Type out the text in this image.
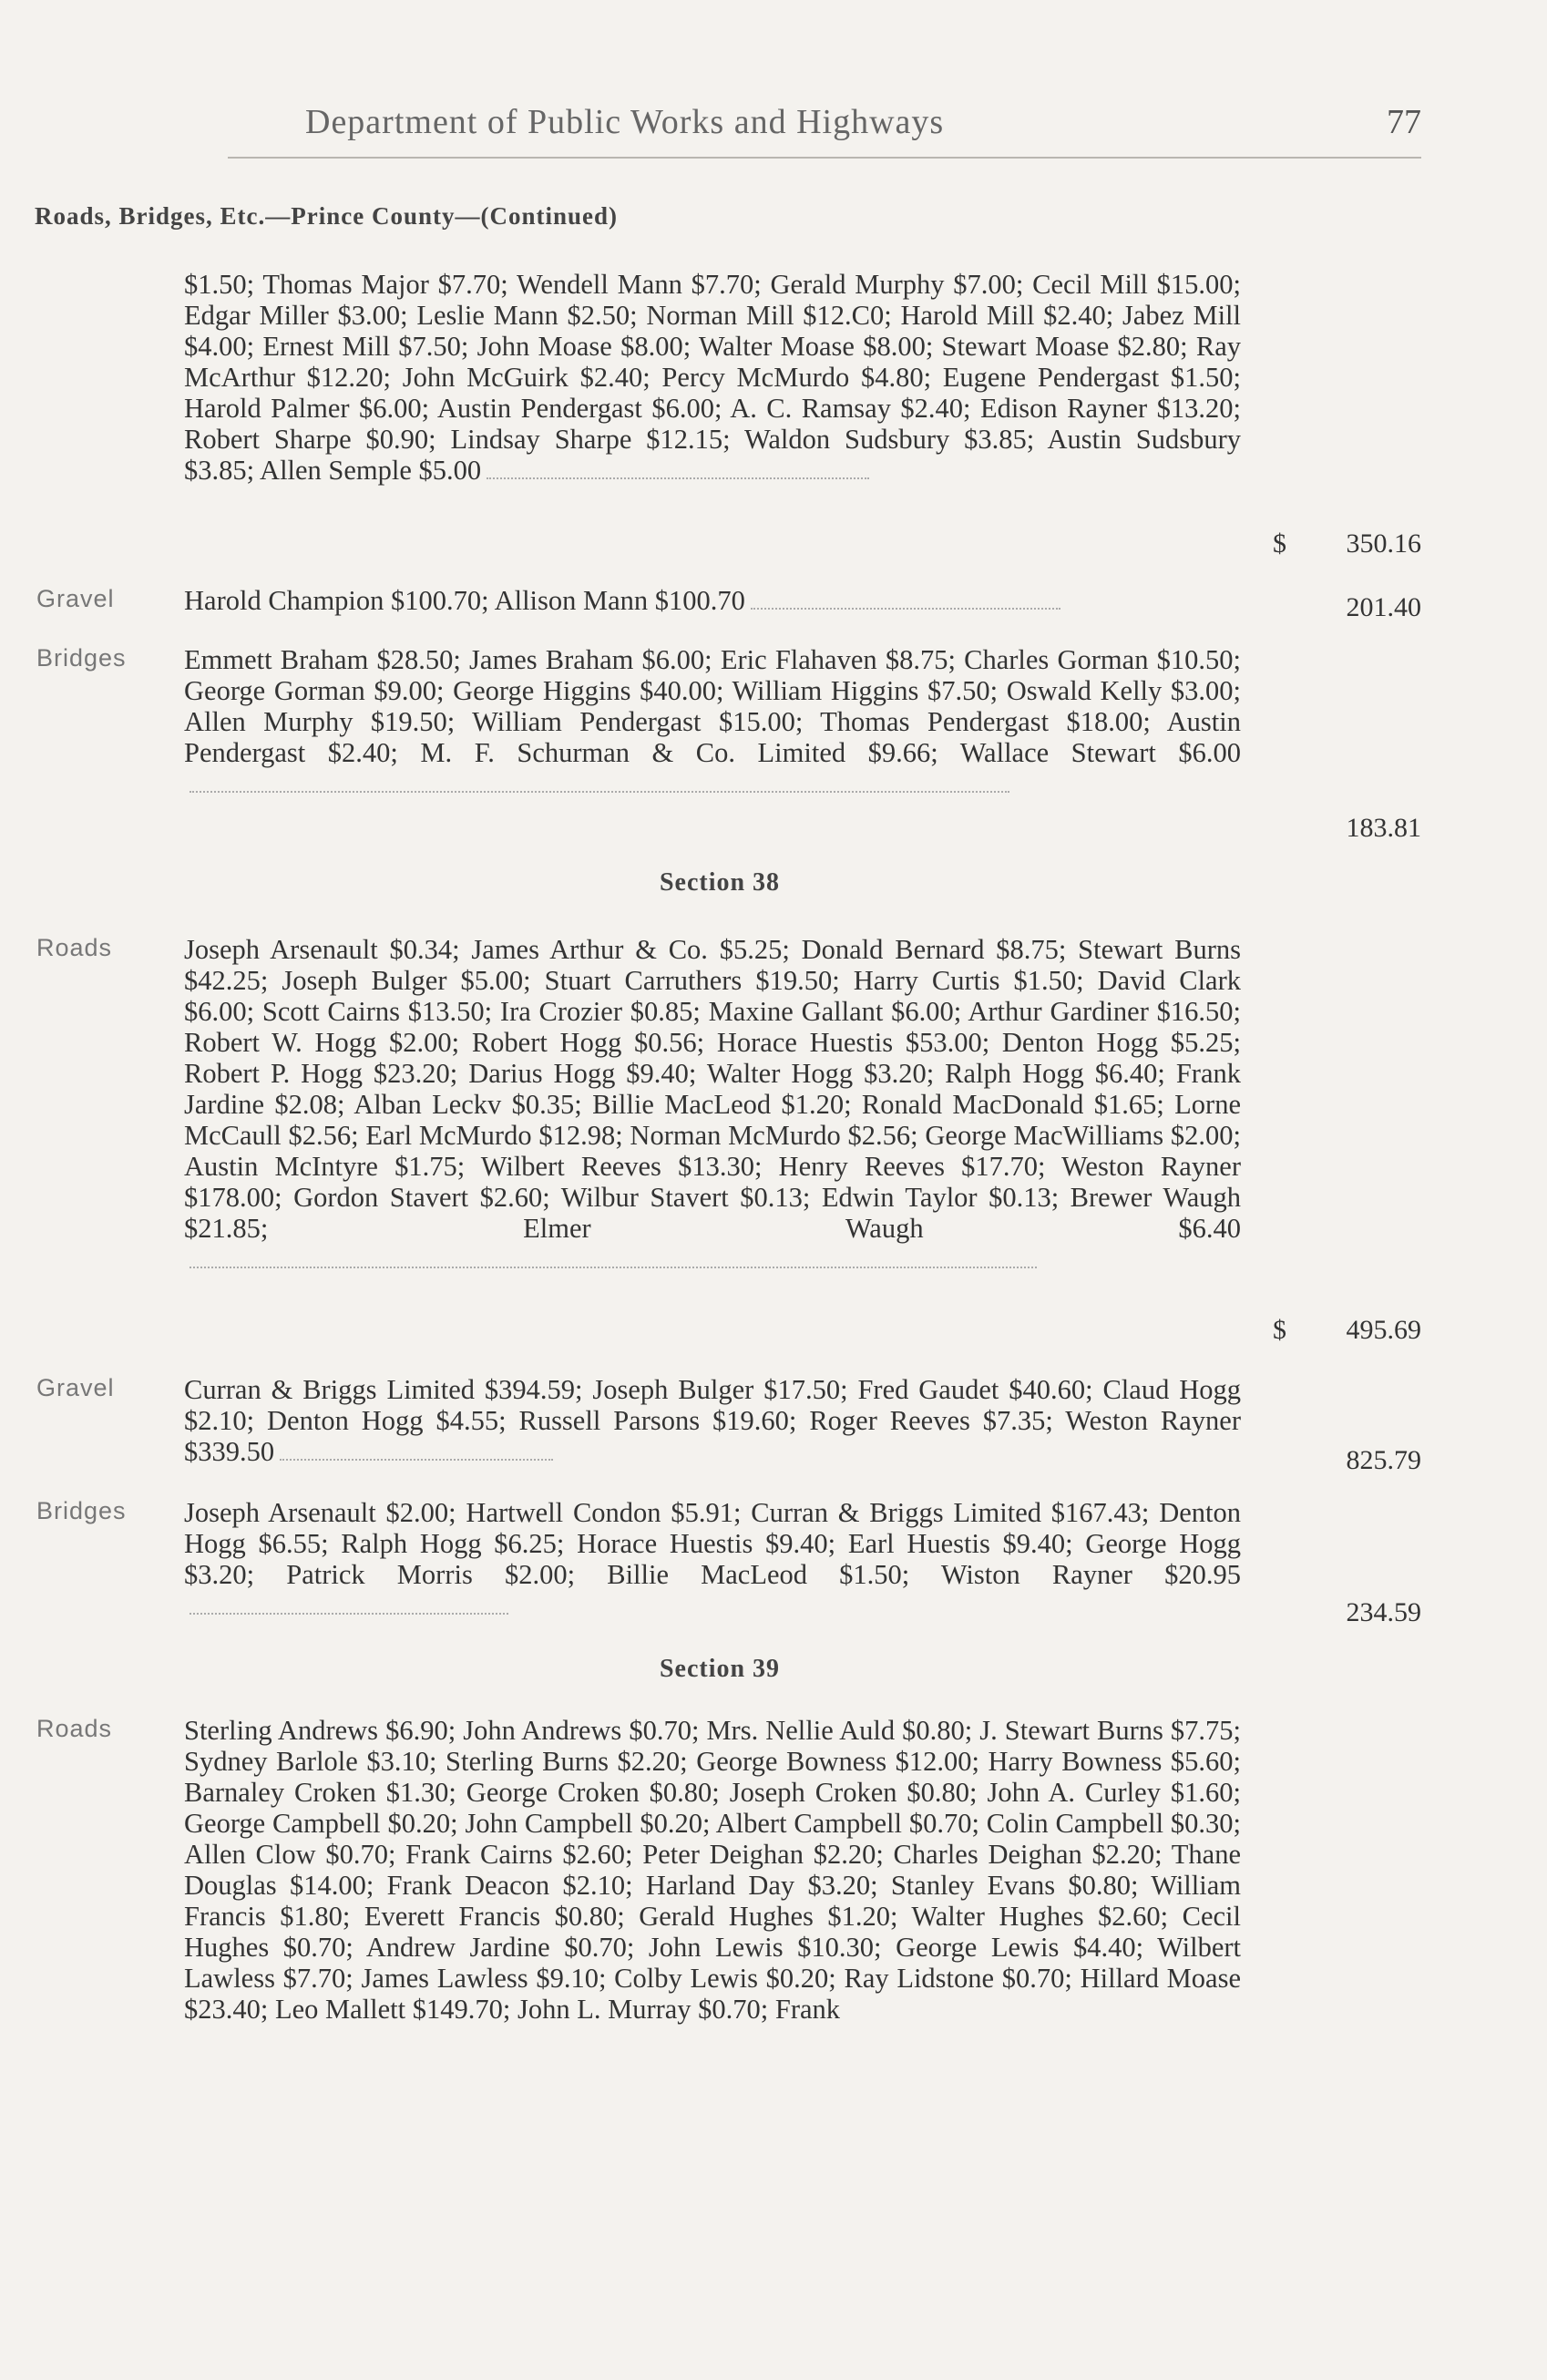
Department of Public Works and Highways	77
Roads, Bridges, Etc.—Prince County—(Continued)
$1.50; Thomas Major $7.70; Wendell Mann $7.70; Gerald Murphy $7.00; Cecil Mill $15.00; Edgar Miller $3.00; Leslie Mann $2.50; Norman Mill $12.C0; Harold Mill $2.40; Jabez Mill $4.00; Ernest Mill $7.50; John Moase $8.00; Walter Moase $8.00; Stewart Moase $2.80; Ray McArthur $12.20; John McGuirk $2.40; Percy McMurdo $4.80; Eugene Pendergast $1.50; Harold Palmer $6.00; Austin Pendergast $6.00; A. C. Ramsay $2.40; Edison Rayner $13.20; Robert Sharpe $0.90; Lindsay Sharpe $12.15; Waldon Sudsbury $3.85; Austin Sudsbury $3.85; Allen Semple $5.00
$	350.16
Gravel	Harold Champion $100.70; Allison Mann $100.70	201.40
Bridges Emmett Braham $28.50; James Braham $6.00; Eric Flahaven $8.75; Charles Gorman $10.50; George Gorman $9.00; George Higgins $40.00; William Higgins $7.50; Oswald Kelly $3.00; Allen Murphy $19.50; William Pendergast $15.00; Thomas Pendergast $18.00; Austin Pendergast $2.40; M. F. Schurman & Co. Limited $9.66; Wallace Stewart $6.00
183.81
Section 38
Roads	Joseph Arsenault $0.34; James Arthur & Co. $5.25; Donald Bernard $8.75; Stewart Burns $42.25; Joseph Bulger $5.00; Stuart Carruthers $19.50; Harry Curtis $1.50; David Clark $6.00; Scott Cairns $13.50; Ira Crozier $0.85; Maxine Gallant $6.00; Arthur Gardiner $16.50; Robert W. Hogg $2.00; Robert Hogg $0.56; Horace Huestis $53.00; Denton Hogg $5.25; Robert P. Hogg $23.20; Darius Hogg $9.40; Walter Hogg $3.20; Ralph Hogg $6.40; Frank Jardine $2.08; Alban Leckv $0.35; Billie MacLeod $1.20; Ronald MacDonald $1.65; Lorne McCaull $2.56; Earl McMurdo $12.98; Norman McMurdo $2.56; George MacWilliams $2.00; Austin McIntyre $1.75; Wilbert Reeves $13.30; Henry Reeves $17.70; Weston Rayner $178.00; Gordon Stavert $2.60; Wilbur Stavert $0.13; Edwin Taylor $0.13; Brewer Waugh $21.85; Elmer Waugh $6.40
$	495.69
Gravel	Curran & Briggs Limited $394.59; Joseph Bulger $17.50; Fred Gaudet $40.60; Claud Hogg $2.10; Denton Hogg $4.55; Russell Parsons $19.60; Roger Reeves $7.35; Weston Rayner $339.50	825.79
Bridges Joseph Arsenault $2.00; Hartwell Condon $5.91; Curran & Briggs Limited $167.43; Denton Hogg $6.55; Ralph Hogg $6.25; Horace Huestis $9.40; Earl Huestis $9.40; George Hogg $3.20; Patrick Morris $2.00; Billie MacLeod $1.50; Wiston Rayner $20.95
234.59
Section 39
Roads	Sterling Andrews $6.90; John Andrews $0.70; Mrs. Nellie Auld $0.80; J. Stewart Burns $7.75; Sydney Barlole $3.10; Sterling Burns $2.20; George Bowness $12.00; Harry Bowness $5.60; Barnaley Croken $1.30; George Croken $0.80; Joseph Croken $0.80; John A. Curley $1.60; George Campbell $0.20; John Campbell $0.20; Albert Campbell $0.70; Colin Campbell $0.30; Allen Clow $0.70; Frank Cairns $2.60; Peter Deighan $2.20; Charles Deighan $2.20; Thane Douglas $14.00; Frank Deacon $2.10; Harland Day $3.20; Stanley Evans $0.80; William Francis $1.80; Everett Francis $0.80; Gerald Hughes $1.20; Walter Hughes $2.60; Cecil Hughes $0.70; Andrew Jardine $0.70; John Lewis $10.30; George Lewis $4.40; Wilbert Lawless $7.70; James Lawless $9.10; Colby Lewis $0.20; Ray Lidstone $0.70; Hillard Moase $23.40; Leo Mallett $149.70; John L. Murray $0.70; Frank
